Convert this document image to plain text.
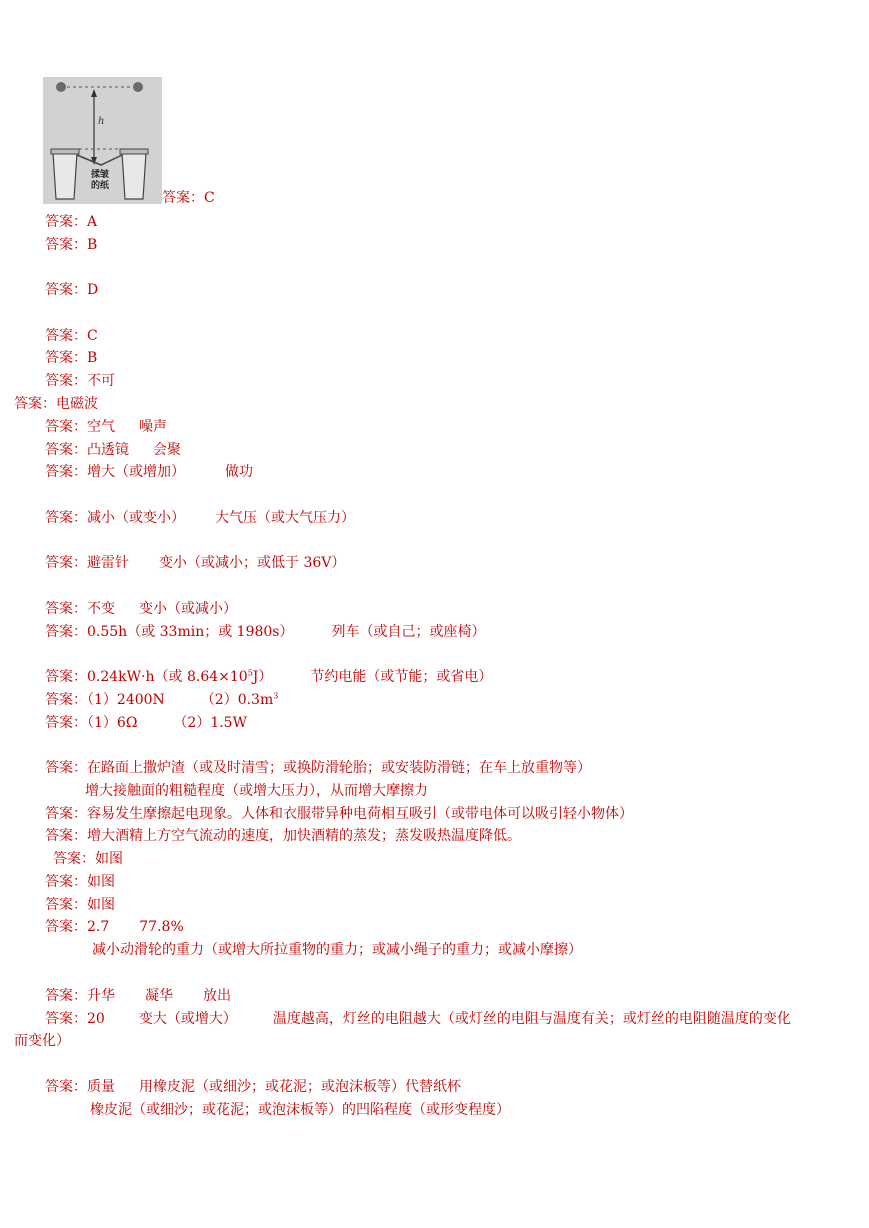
h
揉皱
的纸
答案：C
答案：A
答案：B
答案：D
答案：C
答案：B
答案：不可
答案：电磁波
答案：空气 噪声
答案：凸透镜 会聚
答案：增大（或增加）	做功
答案：减小（或变小） 大气压（或大气压力）
答案：避雷针 变小（或减小；或低于 36V）
答案：不变 变小（或减小）
答案：0.55h（或 33min；或 1980s）	列车（或自己；或座椅）
答案：0.24kW·h（或 $8.64\times 10^5J$）	节约电能（或节能；或省电）
答案：（1）2400N	$(2)0.3m^3$
答案：（1）6Ω	（2）1.5W
答案：在路面上撒炉渣（或及时清雪；或换防滑轮胎；或安装防滑链；在车上放重物等）
增大接触面的粗糙程度（或增大压力），从而增大摩擦力
答案：容易发生摩擦起电现象。人体和衣服带异种电荷相互吸引（或带电体可以吸引轻小物体）
答案：增大酒精上方空气流动的速度，加快酒精的蒸发；蒸发吸热温度降低。
答案：如图
答案：如图
答案：如图
答案：2.7 77.8%
减小动滑轮的重力（或增大所拉重物的重力；或减小绳子的重力；或减小摩擦）
答案：升华 凝华 放出
答案：20 变大（或增大）	温度越高，灯丝的电阻越大（或灯丝的电阻与温度有关；或灯丝的电阻随温度的变化
而变化）
答案：质量 用橡皮泥（或细沙；或花泥；或泡沫板等）代替纸杯
橡皮泥（或细沙；或花泥；或泡沫板等）的凹陷程度（或形变程度）
